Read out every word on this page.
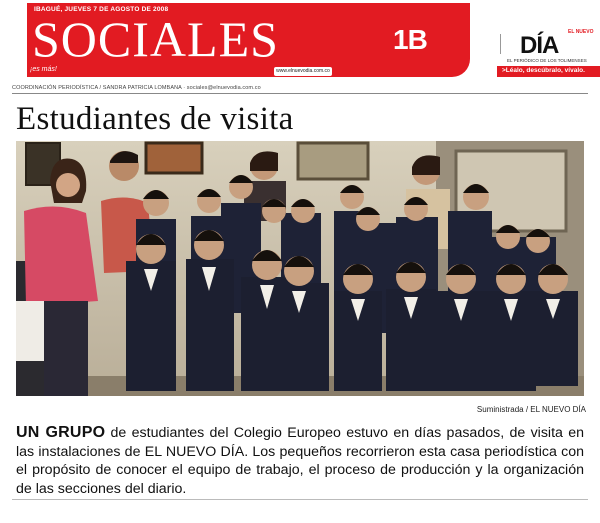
IBAGUÉ, JUEVES 7 DE AGOSTO DE 2008
SOCIALES	1B
¡es más!	www.elnuevodia.com.co
EL NUEVO
DÍA
EL PERIÓDICO DE LOS TOLIMENSES
>Léalo, descúbralo, vívalo.
COORDINACIÓN PERIODÍSTICA / SANDRA PATRICIA LOMBANA · sociales@elnuevodia.com.co
Estudiantes de visita
Suministrada / EL NUEVO DÍA
UN GRUPO de estudiantes del Colegio Europeo estuvo en días pasados, de visita en las instalaciones de EL NUEVO DÍA. Los pequeños recorrieron esta casa periodística con el propósito de conocer el equipo de trabajo, el proceso de producción y la organización de las secciones del diario.
